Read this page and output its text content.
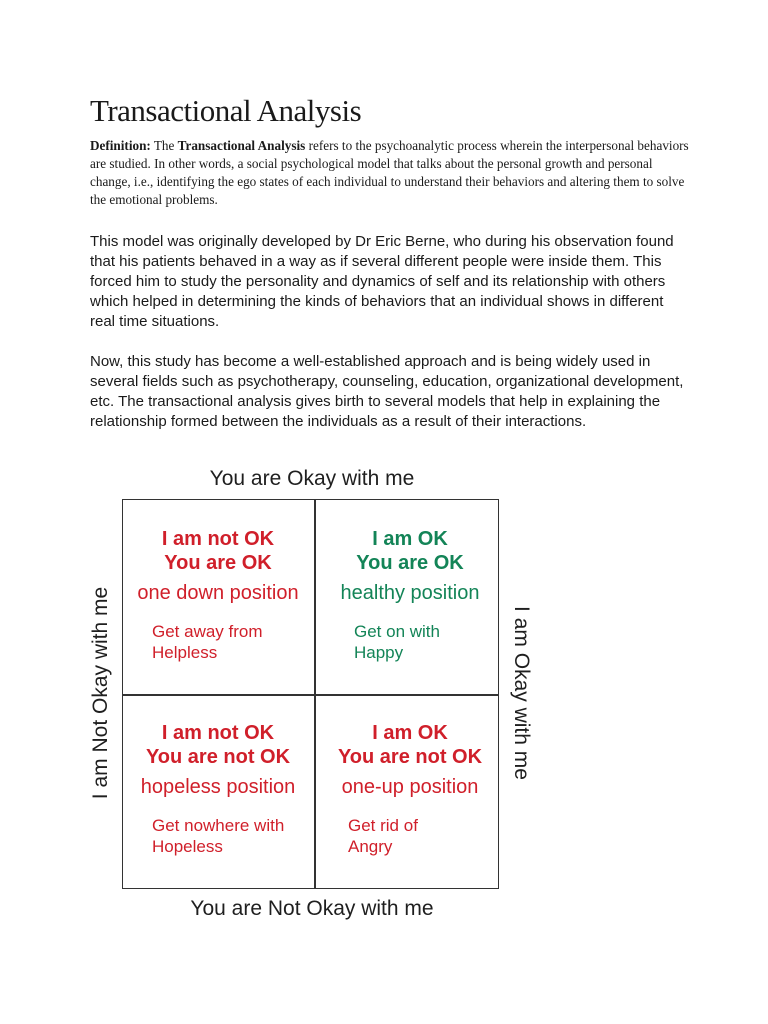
Transactional Analysis

Definition: The Transactional Analysis refers to the psychoanalytic process wherein the interpersonal behaviors are studied. In other words, a social psychological model that talks about the personal growth and personal change, i.e., identifying the ego states of each individual to understand their behaviors and altering them to solve the emotional problems.

This model was originally developed by Dr Eric Berne, who during his observation found that his patients behaved in a way as if several different people were inside them. This forced him to study the personality and dynamics of self and its relationship with others which helped in determining the kinds of behaviors that an individual shows in different real time situations.

Now, this study has become a well-established approach and is being widely used in several fields such as psychotherapy, counseling, education, organizational development, etc. The transactional analysis gives birth to several models that help in explaining the relationship formed between the individuals as a result of their interactions.

You are Okay with me
You are Not Okay with me
I am Not Okay with me	I am Okay with me
I am not OK
You are OK
one down position
Get away from
Helpless
I am OK
You are OK
healthy position
Get on with
Happy
I am not OK
You are not OK
hopeless position
Get nowhere with
Hopeless
I am OK
You are not OK
one-up position
Get rid of
Angry
